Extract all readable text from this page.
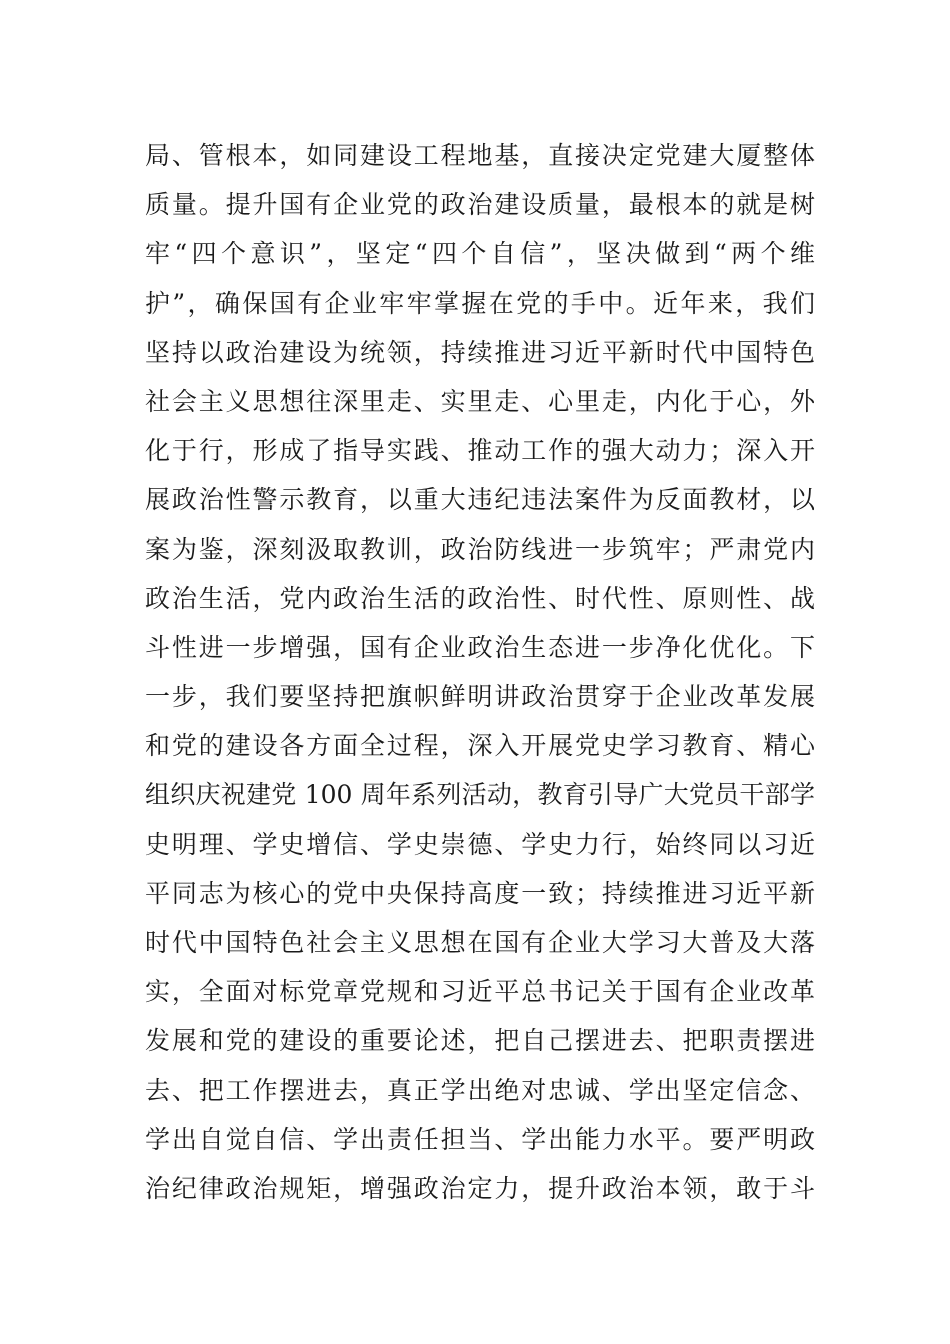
局、管根本，如同建设工程地基，直接决定党建大厦整体
质量。提升国有企业党的政治建设质量，最根本的就是树
牢“四个意识”，坚定“四个自信”，坚决做到“两个维
护”，确保国有企业牢牢掌握在党的手中。近年来，我们
坚持以政治建设为统领，持续推进习近平新时代中国特色
社会主义思想往深里走、实里走、心里走，内化于心，外
化于行，形成了指导实践、推动工作的强大动力；深入开
展政治性警示教育，以重大违纪违法案件为反面教材，以
案为鉴，深刻汲取教训，政治防线进一步筑牢；严肃党内
政治生活，党内政治生活的政治性、时代性、原则性、战
斗性进一步增强，国有企业政治生态进一步净化优化。下
一步，我们要坚持把旗帜鲜明讲政治贯穿于企业改革发展
和党的建设各方面全过程，深入开展党史学习教育、精心
组织庆祝建党 100 周年系列活动，教育引导广大党员干部学
史明理、学史增信、学史崇德、学史力行，始终同以习近
平同志为核心的党中央保持高度一致；持续推进习近平新
时代中国特色社会主义思想在国有企业大学习大普及大落
实，全面对标党章党规和习近平总书记关于国有企业改革
发展和党的建设的重要论述，把自己摆进去、把职责摆进
去、把工作摆进去，真正学出绝对忠诚、学出坚定信念、
学出自觉自信、学出责任担当、学出能力水平。要严明政
治纪律政治规矩，增强政治定力，提升政治本领，敢于斗
